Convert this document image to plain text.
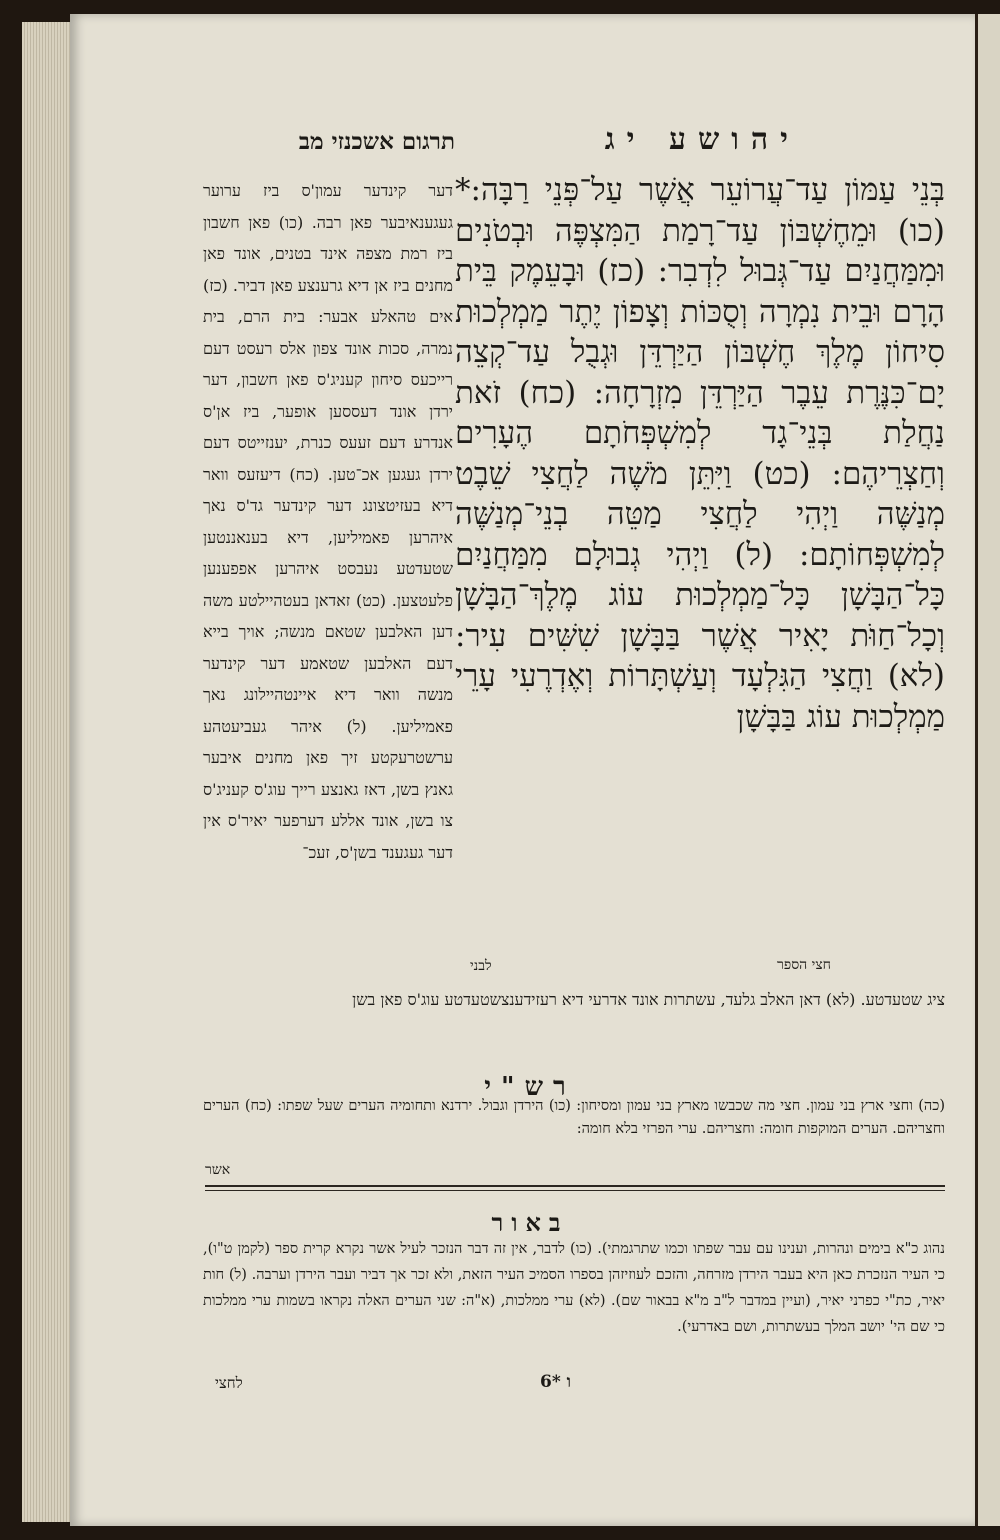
יהושע יג
תרגום אשכנזי מב
בְּנֵי עַמּוֹן עַד־עֲרוֹעֵר אֲשֶׁר עַל־פְּנֵי רַבָּה:* (כו) וּמֵחֶשְׁבּוֹן עַד־רָמַת הַמִּצְפֶּה וּבְטֹנִים וּמִמַּחֲנַיִם עַד־גְּבוּל לִדְבִר: (כז) וּבָעֵמֶק בֵּית הָרָם וּבֵית נִמְרָה וְסֻכּוֹת וְצָפוֹן יֶתֶר מַמְלְכוּת סִיחוֹן מֶלֶךְ חֶשְׁבּוֹן הַיַּרְדֵּן וּגְבֻל עַד־קְצֵה יָם־כִּנֶּרֶת עֵבֶר הַיַּרְדֵּן מִזְרָחָה: (כח) זֹאת נַחֲלַת בְּנֵי־גָד לְמִשְׁפְּחֹתָם הֶעָרִים וְחַצְרֵיהֶם: (כט) וַיִּתֵּן מֹשֶׁה לַחֲצִי שֵׁבֶט מְנַשֶּׁה וַיְהִי לַחֲצִי מַטֵּה בְנֵי־מְנַשֶּׁה לְמִשְׁפְּחוֹתָם: (ל) וַיְהִי גְבוּלָם מִמַּחֲנַיִם כָּל־הַבָּשָׁן כָּל־מַמְלְכוּת עוֹג מֶלֶךְ־הַבָּשָׁן וְכָל־חַוֹּת יָאִיר אֲשֶׁר בַּבָּשָׁן שִׁשִּׁים עִיר: (לא) וַחֲצִי הַגִּלְעָד וְעַשְׁתָּרוֹת וְאֶדְרֶעִי עָרֵי מַמְלְכוּת עוֹג בַּבָּשָׁן
דער קינדער עמון'ס ביז ערוער געגענאיבער פאן רבה. (כו) פאן חשבון ביז רמת מצפה אינד בטנים, אונד פאן מחנים ביז אן דיא גרענצע פאן דביר. (כז) אים טהאלע אבער: בית הרם, בית נמרה, סכות אונד צפון אלס רעסט דעם רייכעס סיחון קעניג'ס פאן חשבון, דער ירדן אונד דעססען אופער, ביז אן'ס אנדרע דעם זעעס כנרת, יענזייטס דעם ירדן געגען אכ־טען. (כח) דיעזעס וואר דיא בעזיטצונג דער קינדער גד'ס נאך איהרען פאמיליען, דיא בענאננטען שטעדטע נעבסט איהרען אפפענען פלעטצען. (כט) זאדאן בעטהיילטע משה דען האלבען שטאם מנשה; אויך בייא דעם האלבען שטאמע דער קינדער מנשה וואר דיא איינטהיילונג נאך פאמיליען. (ל) איהר געביעטהע ערשטרעקטע זיך פאן מחנים איבער גאנץ בשן, דאז גאנצע רייך עוג'ס קעניג'ס צו בשן, אונד אללע דערפער יאיר'ס אין דער געגענד בשן'ס, זעכ־
חצי הספר
לבני
ציג שטעדטע. (לא) דאן האלב גלעד, עשתרות אונד אדרעי דיא רעזידענצשטעדטע עוג'ס פאן בשן
רש"י
(כה) וחצי ארץ בני עמון. חצי מה שכבשו מארץ בני עמון ומסיחון: (כו) הירדן וגבול. ירדנא ותחומיה הערים שעל שפתו: (כח) הערים וחצריהם. הערים המוקפות חומה: וחצריהם. ערי הפרזי בלא חומה:
אשר
באור
נהוג כ"א בימים ונהרות, וענינו עם עבר שפתו וכמו שתרגמתי). (כו) לדבר, אין זה דבר הנזכר לעיל אשר נקרא קרית ספר (לקמן ט"ו), כי העיר הנזכרת כאן היא בעבר הירדן מזרחה, והזכם לעוזיזהן בספרו הסמיכ העיר הזאת, ולא זכר אך דביר ועבר הירדן וערבה. (ל) חות יאיר, כת"י כפרני יאיר, (ועיין במדבר ל"ב מ"א בבאור שם). (לא) ערי ממלכות, (א"ה: שני הערים האלה נקראו בשמות ערי ממלכות כי שם הי' יושב המלך בעשתרות, ושם באדרעי).
ו *6
לחצי
